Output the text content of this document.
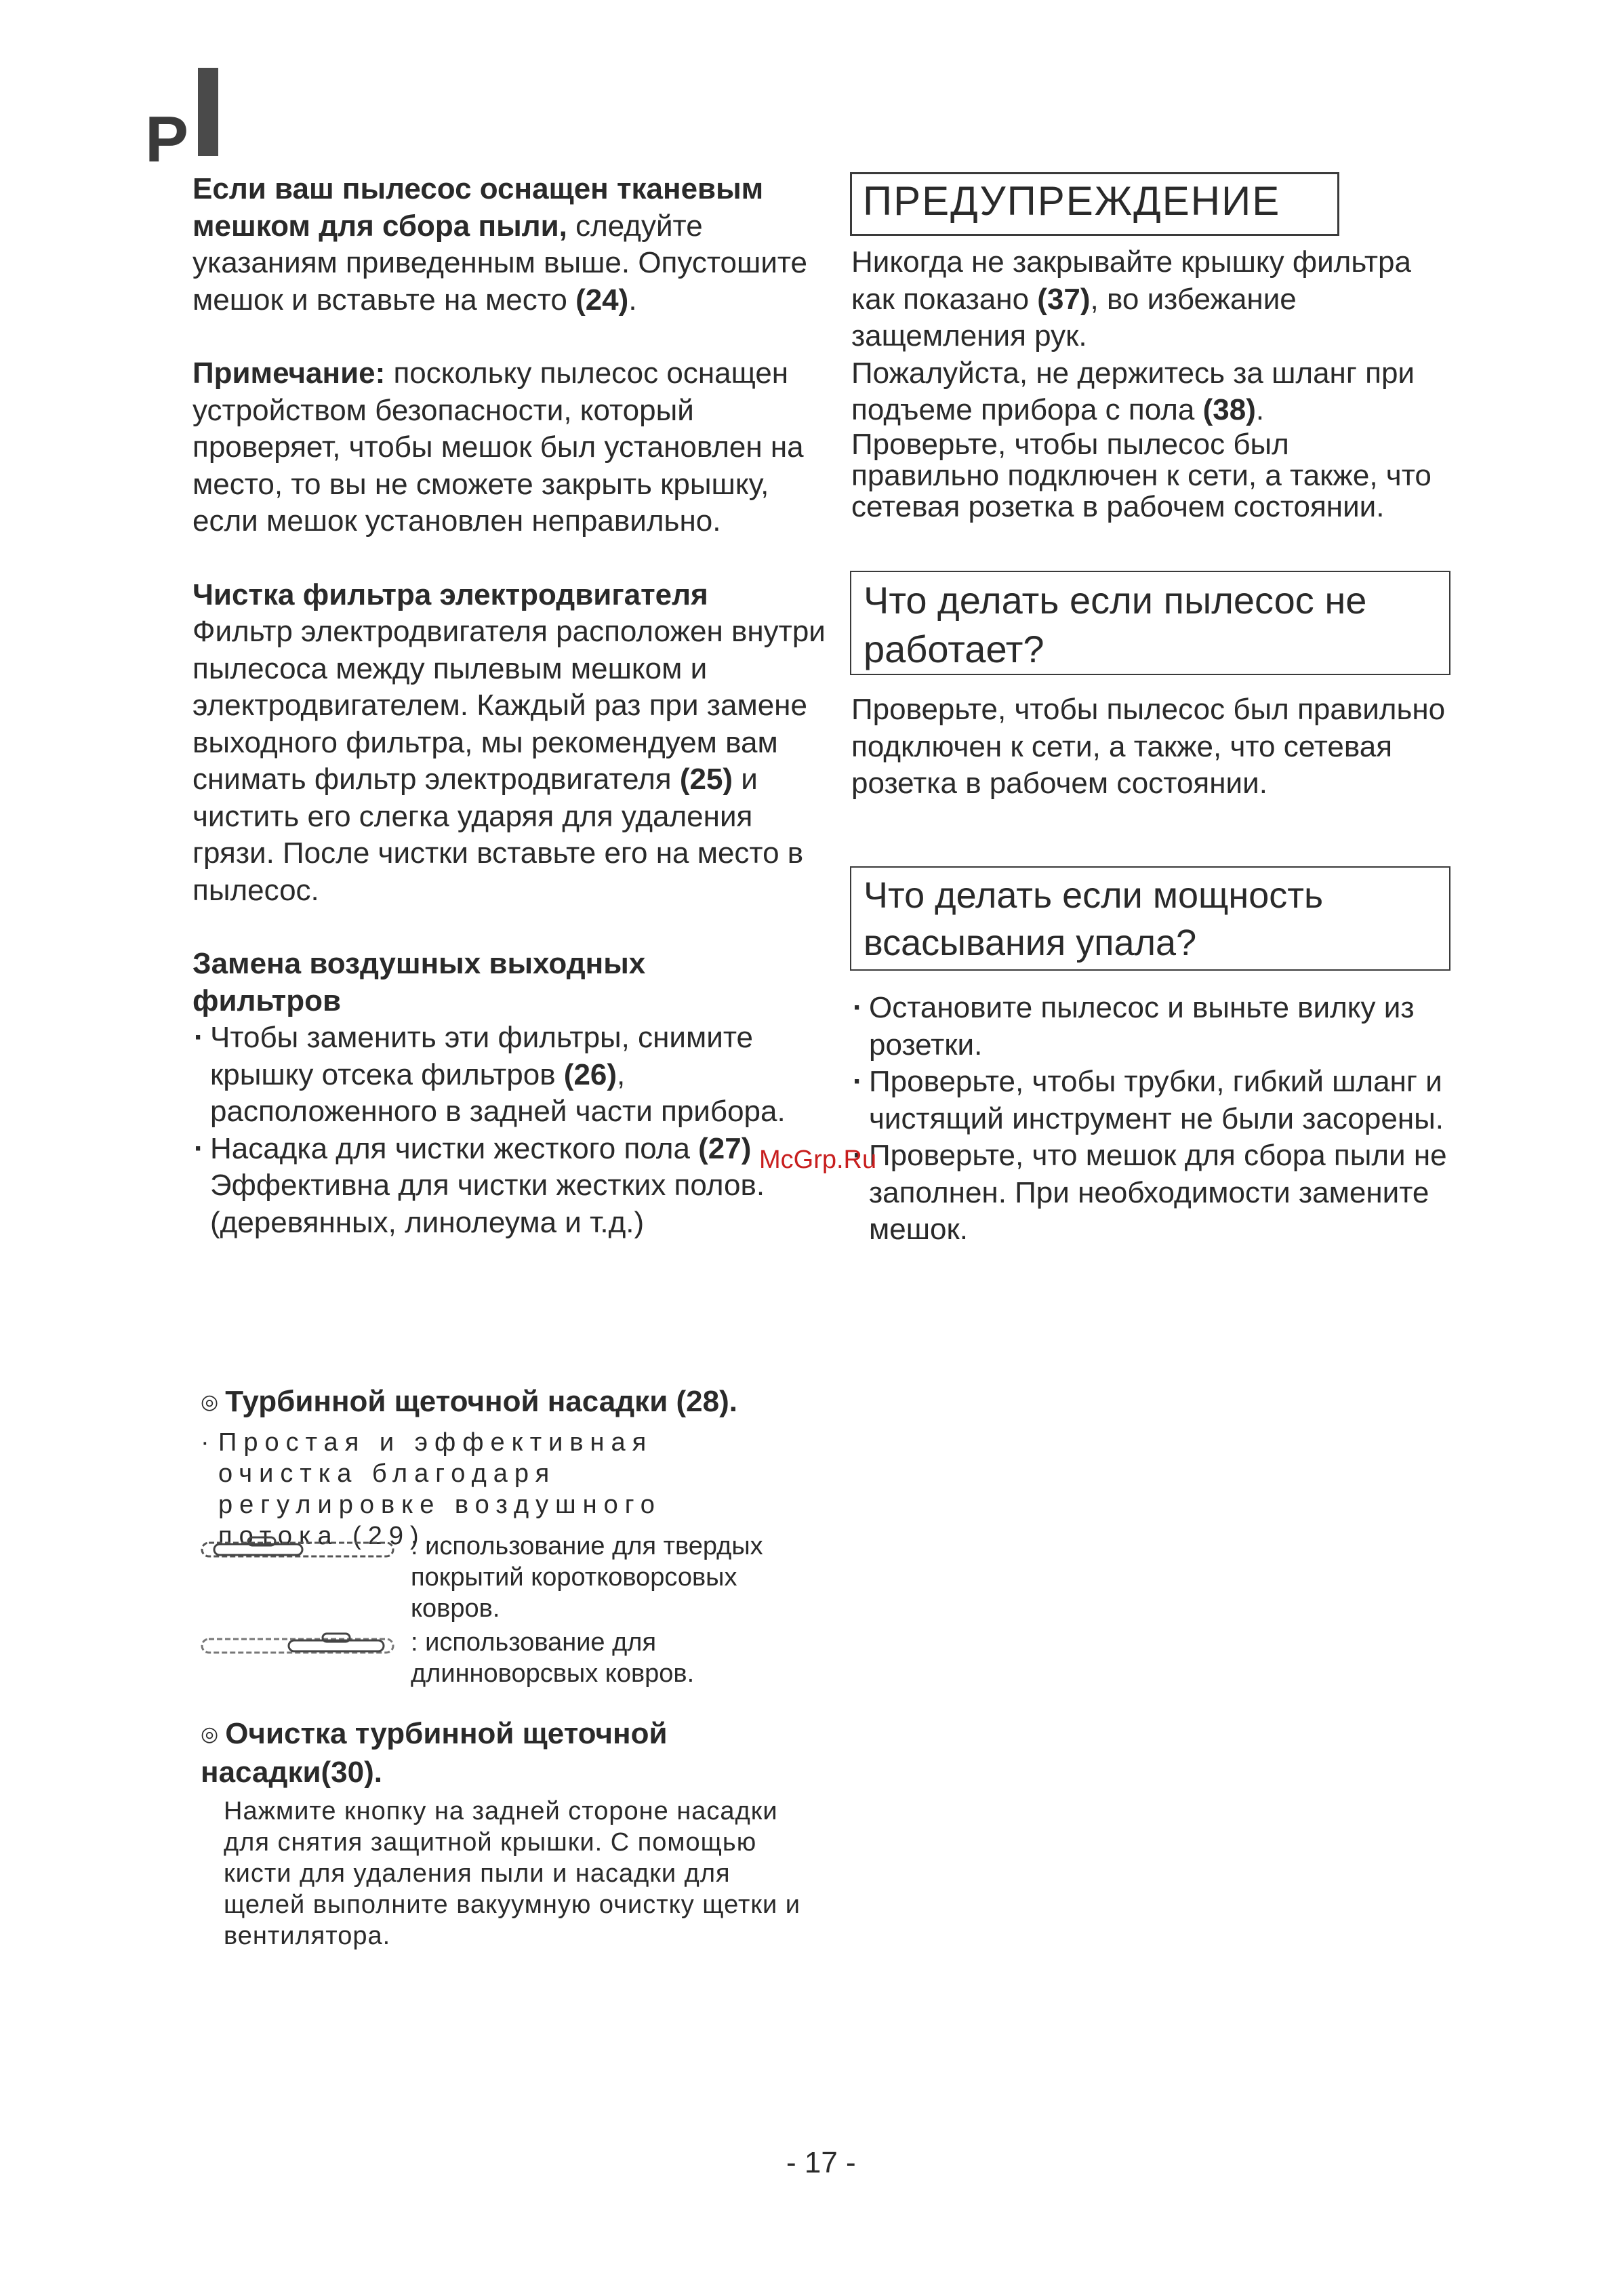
P

Если ваш пылесос оснащен тканевым мешком для сбора пыли, следуйте указаниям приведенным выше. Опустошите мешок и вставьте на место (24).

Примечание: поскольку пылесос оснащен устройством безопасности, который проверяет, чтобы мешок был установлен на место, то вы не сможете закрыть крышку, если мешок установлен неправильно.

Чистка фильтра электродвигателя

Фильтр электродвигателя расположен внутри пылесоса между пылевым мешком и электродвигателем. Каждый раз при замене выходного фильтра, мы рекомендуем вам снимать фильтр электродвигателя (25) и чистить его слегка ударяя для удаления грязи. После чистки вставьте его на место в пылесос.

Замена воздушных выходных фильтров

· Чтобы заменить эти фильтры, снимите крышку отсека фильтров (26), расположенного в задней части прибора.
· Насадка для чистки жесткого пола (27) Эффективна для чистки жестких полов. (деревянных, линолеума и т.д.)

◎ Турбинной щеточной насадки (28).

· Простая и эффективная очистка благодаря регулировке воздушного потока (29).

: использование для твердых покрытий коротковорсовых ковров.
: использование для длинноворсвых ковров.

◎ Очистка турбинной щеточной насадки(30).

Нажмите кнопку на задней стороне насадки для снятия защитной крышки. С помощью кисти для удаления пыли и насадки для щелей выполните вакуумную очистку щетки и вентилятора.

ПРЕДУПРЕЖДЕНИЕ

Никогда не закрывайте крышку фильтра как показано (37), во избежание защемления рук.

Пожалуйста, не держитесь за шланг при подъеме прибора с пола (38).

Проверьте, чтобы пылесос был правильно подключен к сети, а также, что сетевая розетка в рабочем состоянии.

Что делать если пылесос не работает?
Проверьте, чтобы пылесос был правильно подключен к сети, а также, что сетевая розетка в рабочем состоянии.
Что делать если мощность всасывания упала?
· Остановите пылесос и выньте вилку из розетки.
· Проверьте, чтобы трубки, гибкий шланг и чистящий инструмент не были засорены.
· Проверьте, что мешок для сбора пыли не заполнен. При необходимости замените мешок.
McGrp.Ru
- 17 -
